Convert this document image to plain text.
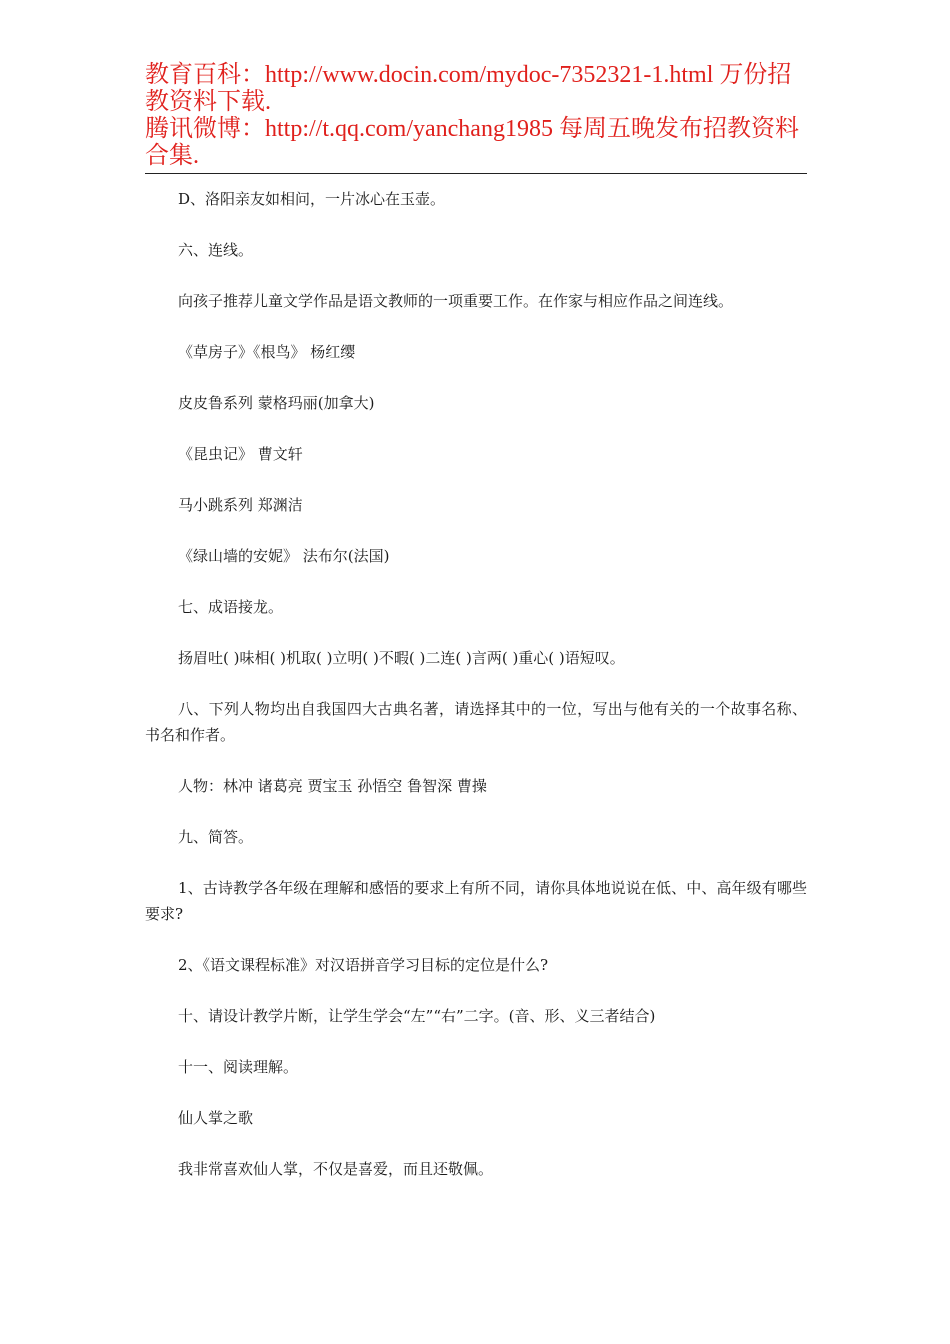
教育百科：http://www.docin.com/mydoc-7352321-1.html 万份招教资料下载.

腾讯微博：http://t.qq.com/yanchang1985 每周五晚发布招教资料合集.

D、洛阳亲友如相问，一片冰心在玉壶。

六、连线。

向孩子推荐儿童文学作品是语文教师的一项重要工作。在作家与相应作品之间连线。

《草房子》《根鸟》 杨红缨

皮皮鲁系列 蒙格玛丽(加拿大)

《昆虫记》 曹文轩

马小跳系列 郑渊洁

《绿山墙的安妮》 法布尔(法国)

七、成语接龙。

扬眉吐( )味相( )机取( )立明( )不暇( )二连( )言两( )重心( )语短叹。

八、下列人物均出自我国四大古典名著，请选择其中的一位，写出与他有关的一个故事名称、书名和作者。

人物：林冲 诸葛亮 贾宝玉 孙悟空 鲁智深 曹操

九、简答。

1、古诗教学各年级在理解和感悟的要求上有所不同，请你具体地说说在低、中、高年级有哪些要求?

2、《语文课程标准》对汉语拼音学习目标的定位是什么?

十、请设计教学片断，让学生学会“左”“右”二字。(音、形、义三者结合)

十一、阅读理解。

仙人掌之歌

我非常喜欢仙人掌，不仅是喜爱，而且还敬佩。
